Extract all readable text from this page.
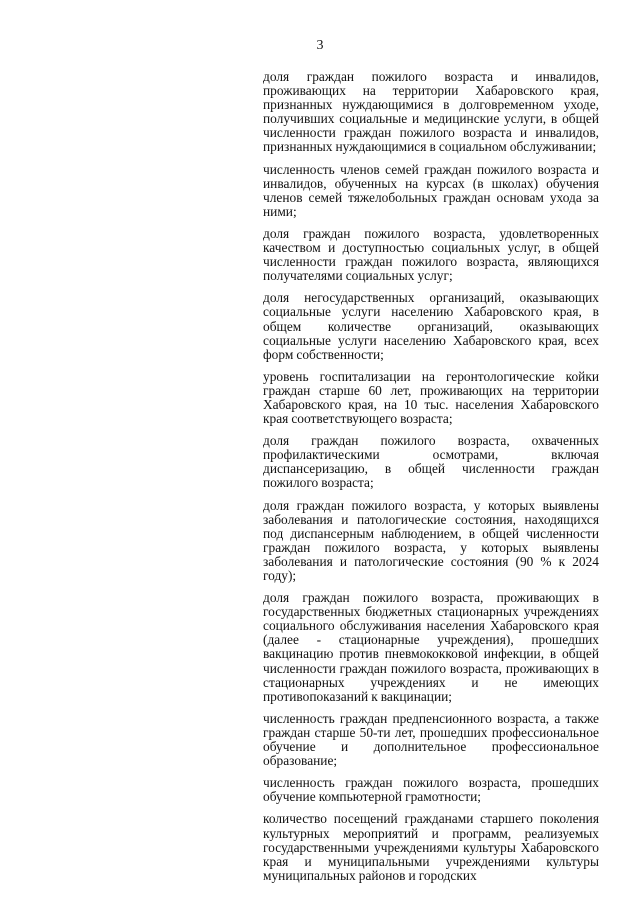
3

доля граждан пожилого возраста и инвалидов, проживающих на территории Хабаровского края, признанных нуждающимися в долговременном уходе, получивших социальные и медицинские услуги, в общей численности граждан пожилого возраста и инвалидов, признанных нуждающимися в социальном обслуживании;

численность членов семей граждан пожилого возраста и инвалидов, обученных на курсах (в школах) обучения членов семей тяжелобольных граждан основам ухода за ними;

доля граждан пожилого возраста, удовлетворенных качеством и доступностью социальных услуг, в общей численности граждан пожилого возраста, являющихся получателями социальных услуг;

доля негосударственных организаций, оказывающих социальные услуги населению Хабаровского края, в общем количестве организаций, оказывающих социальные услуги населению Хабаровского края, всех форм собственности;

уровень госпитализации на геронтологические койки граждан старше 60 лет, проживающих на территории Хабаровского края, на 10 тыс. населения Хабаровского края соответствующего возраста;

доля граждан пожилого возраста, охваченных профилактическими осмотрами, включая диспансеризацию, в общей численности граждан пожилого возраста;

доля граждан пожилого возраста, у которых выявлены заболевания и патологические состояния, находящихся под диспансерным наблюдением, в общей численности граждан пожилого возраста, у которых выявлены заболевания и патологические состояния (90 % к 2024 году);

доля граждан пожилого возраста, проживающих в государственных бюджетных стационарных учреждениях социального обслуживания населения Хабаровского края (далее - стационарные учреждения), прошедших вакцинацию против пневмококковой инфекции, в общей численности граждан пожилого возраста, проживающих в стационарных учреждениях и не имеющих противопоказаний к вакцинации;

численность граждан предпенсионного возраста, а также граждан старше 50-ти лет, прошедших профессиональное обучение и дополнительное профессиональное образование;

численность граждан пожилого возраста, прошедших обучение компьютерной грамотности;

количество посещений гражданами старшего поколения культурных мероприятий и программ, реализуемых государственными учреждениями культуры Хабаровского края и муниципальными учреждениями культуры муниципальных районов и городских
